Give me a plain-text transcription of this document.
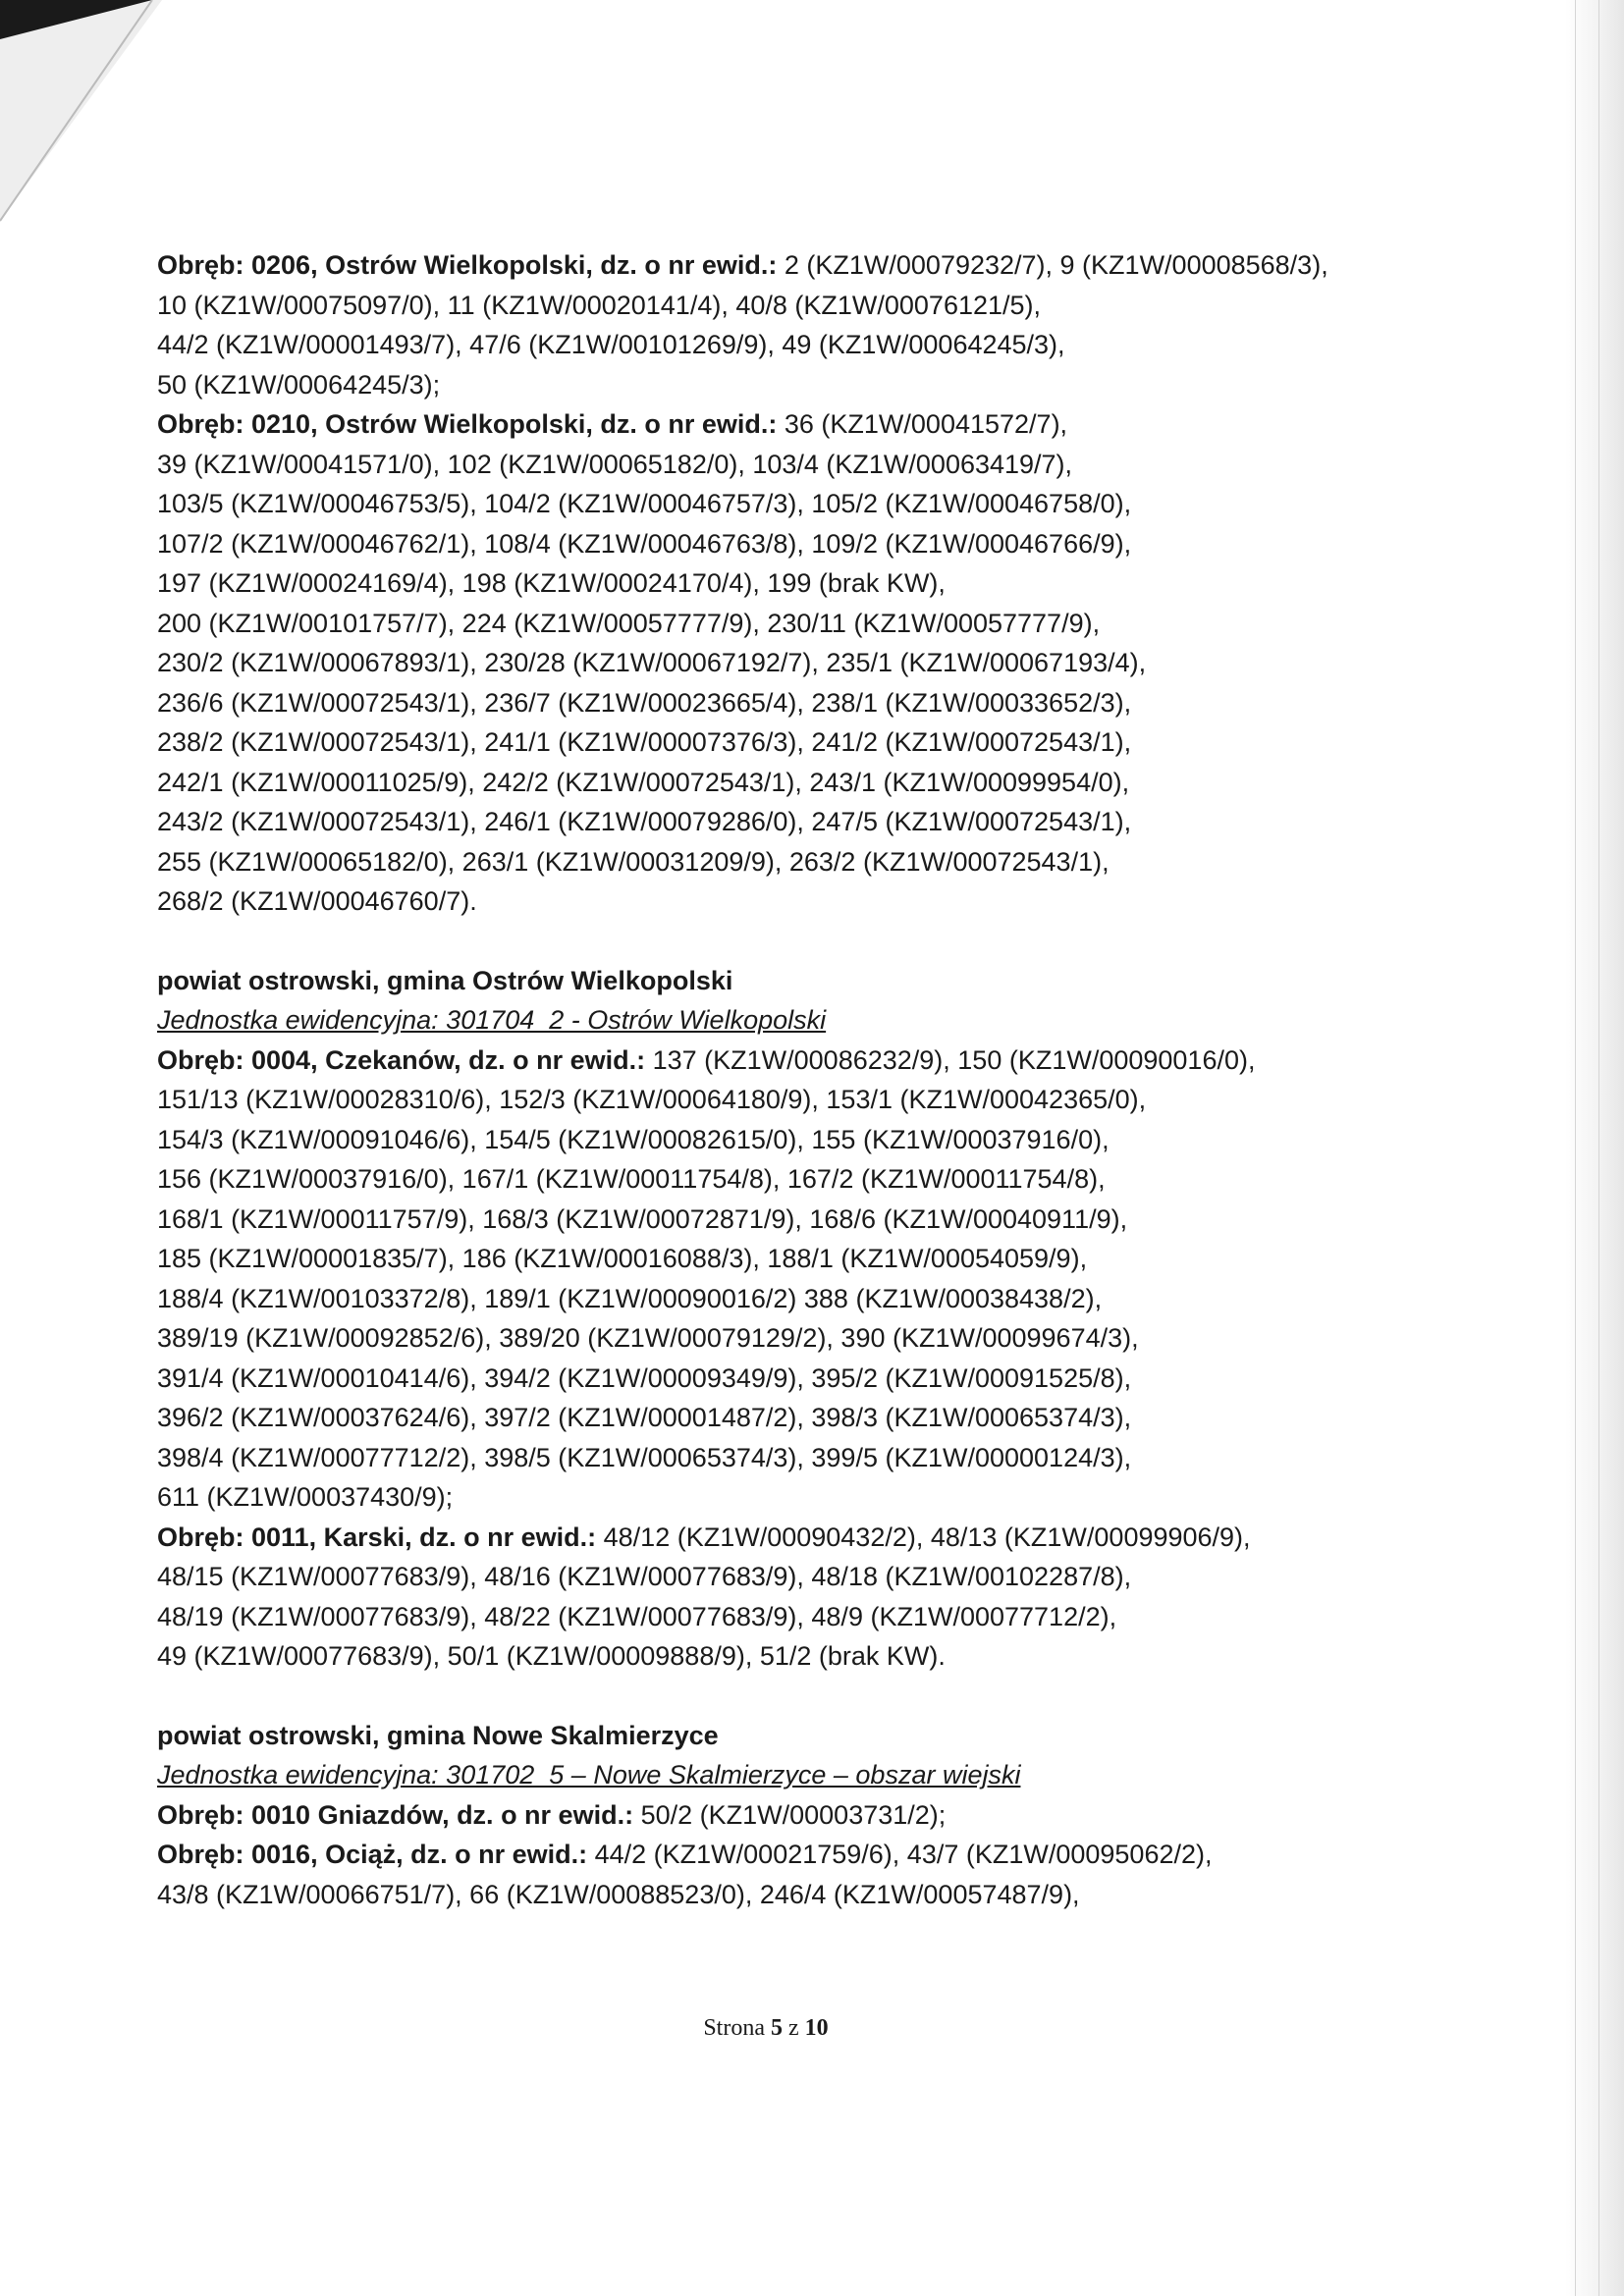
Obręb: 0206, Ostrów Wielkopolski, dz. o nr ewid.: 2 (KZ1W/00079232/7), 9 (KZ1W/00008568/3),
10 (KZ1W/00075097/0), 11 (KZ1W/00020141/4), 40/8 (KZ1W/00076121/5),
44/2 (KZ1W/00001493/7), 47/6 (KZ1W/00101269/9), 49 (KZ1W/00064245/3),
50 (KZ1W/00064245/3);
Obręb: 0210, Ostrów Wielkopolski, dz. o nr ewid.: 36 (KZ1W/00041572/7),
39 (KZ1W/00041571/0), 102 (KZ1W/00065182/0), 103/4 (KZ1W/00063419/7),
103/5 (KZ1W/00046753/5), 104/2 (KZ1W/00046757/3), 105/2 (KZ1W/00046758/0),
107/2 (KZ1W/00046762/1), 108/4 (KZ1W/00046763/8), 109/2 (KZ1W/00046766/9),
197 (KZ1W/00024169/4), 198 (KZ1W/00024170/4), 199 (brak KW),
200 (KZ1W/00101757/7), 224 (KZ1W/00057777/9), 230/11 (KZ1W/00057777/9),
230/2 (KZ1W/00067893/1), 230/28 (KZ1W/00067192/7), 235/1 (KZ1W/00067193/4),
236/6 (KZ1W/00072543/1), 236/7 (KZ1W/00023665/4), 238/1 (KZ1W/00033652/3),
238/2 (KZ1W/00072543/1), 241/1 (KZ1W/00007376/3), 241/2 (KZ1W/00072543/1),
242/1 (KZ1W/00011025/9), 242/2 (KZ1W/00072543/1), 243/1 (KZ1W/00099954/0),
243/2 (KZ1W/00072543/1), 246/1 (KZ1W/00079286/0), 247/5 (KZ1W/00072543/1),
255 (KZ1W/00065182/0), 263/1 (KZ1W/00031209/9), 263/2 (KZ1W/00072543/1),
268/2 (KZ1W/00046760/7).
powiat ostrowski, gmina Ostrów Wielkopolski
Jednostka ewidencyjna: 301704_2 - Ostrów Wielkopolski
Obręb: 0004, Czekanów, dz. o nr ewid.: 137 (KZ1W/00086232/9), 150 (KZ1W/00090016/0),
151/13 (KZ1W/00028310/6), 152/3 (KZ1W/00064180/9), 153/1 (KZ1W/00042365/0),
154/3 (KZ1W/00091046/6), 154/5 (KZ1W/00082615/0), 155 (KZ1W/00037916/0),
156 (KZ1W/00037916/0), 167/1 (KZ1W/00011754/8), 167/2 (KZ1W/00011754/8),
168/1 (KZ1W/00011757/9), 168/3 (KZ1W/00072871/9), 168/6 (KZ1W/00040911/9),
185 (KZ1W/00001835/7), 186 (KZ1W/00016088/3), 188/1 (KZ1W/00054059/9),
188/4 (KZ1W/00103372/8), 189/1 (KZ1W/00090016/2) 388 (KZ1W/00038438/2),
389/19 (KZ1W/00092852/6), 389/20 (KZ1W/00079129/2), 390 (KZ1W/00099674/3),
391/4 (KZ1W/00010414/6), 394/2 (KZ1W/00009349/9), 395/2 (KZ1W/00091525/8),
396/2 (KZ1W/00037624/6), 397/2 (KZ1W/00001487/2), 398/3 (KZ1W/00065374/3),
398/4 (KZ1W/00077712/2), 398/5 (KZ1W/00065374/3), 399/5 (KZ1W/00000124/3),
611 (KZ1W/00037430/9);
Obręb: 0011, Karski, dz. o nr ewid.: 48/12 (KZ1W/00090432/2), 48/13 (KZ1W/00099906/9),
48/15 (KZ1W/00077683/9), 48/16 (KZ1W/00077683/9), 48/18 (KZ1W/00102287/8),
48/19 (KZ1W/00077683/9), 48/22 (KZ1W/00077683/9), 48/9 (KZ1W/00077712/2),
49 (KZ1W/00077683/9), 50/1 (KZ1W/00009888/9), 51/2 (brak KW).
powiat ostrowski, gmina Nowe Skalmierzyce
Jednostka ewidencyjna: 301702_5 – Nowe Skalmierzyce – obszar wiejski
Obręb: 0010 Gniazdów, dz. o nr ewid.: 50/2 (KZ1W/00003731/2);
Obręb: 0016, Ociąż, dz. o nr ewid.: 44/2 (KZ1W/00021759/6), 43/7 (KZ1W/00095062/2),
43/8 (KZ1W/00066751/7), 66 (KZ1W/00088523/0), 246/4 (KZ1W/00057487/9),
Strona 5 z 10
